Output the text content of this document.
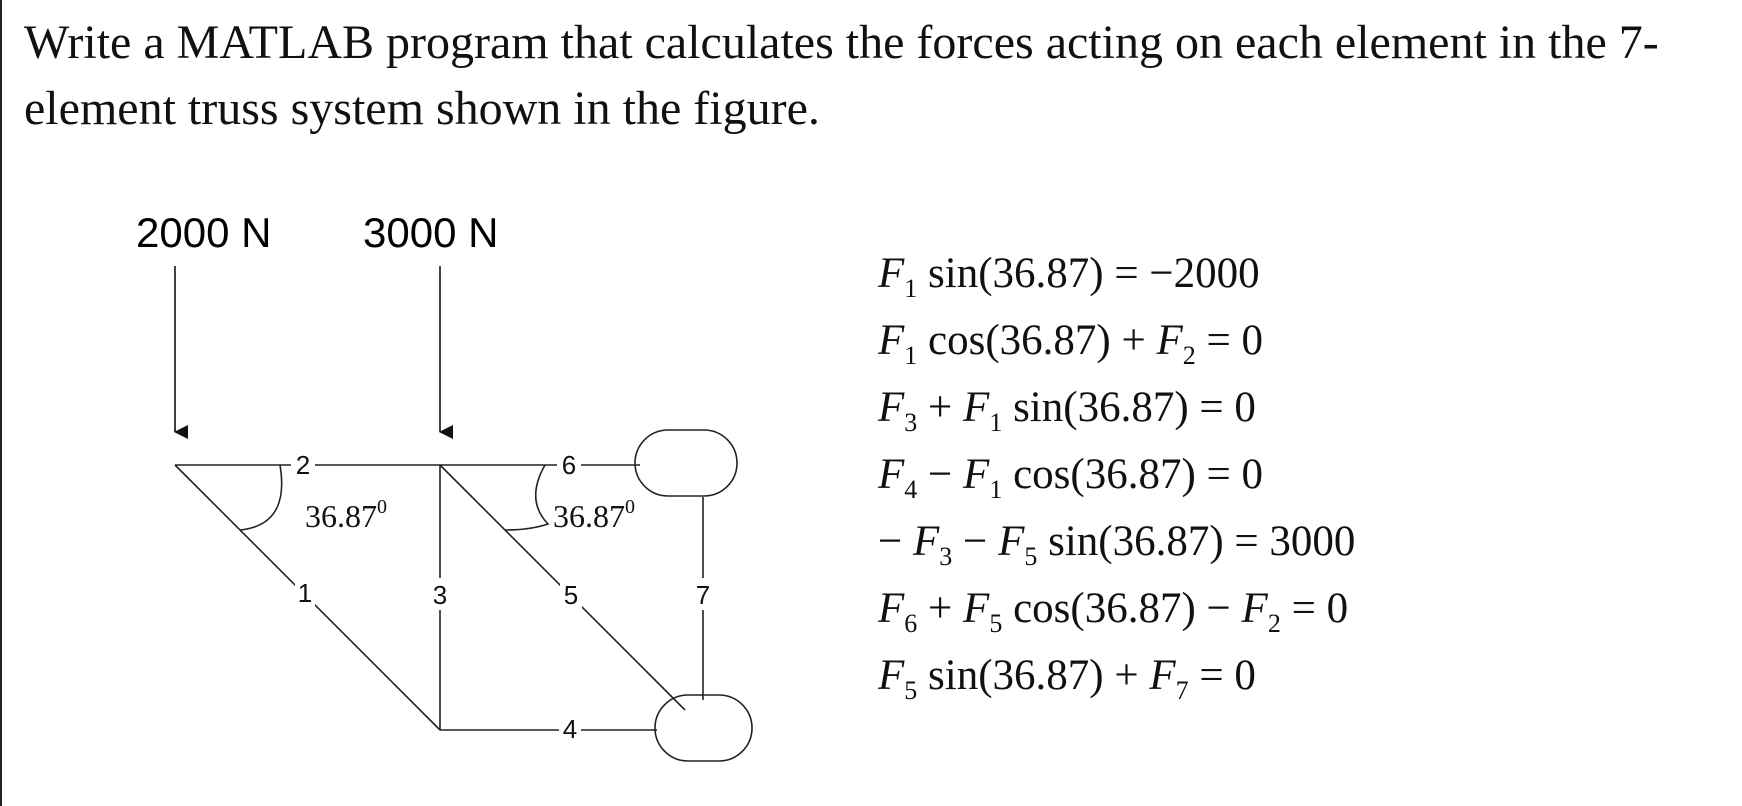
Write a MATLAB program that calculates the forces acting on each element in the 7-element truss system shown in the figure.

2000 N 3000 N
2	6
1	3	5	7
4
36.87$^0$	36.87$^0$
$F_1$ sin(36.87) = −2000
$F_1$ $\cos(36.87) + F_2 = 0$
$F_3 + F_1$ sin(36.87) = 0
$F_4 - F_1$ cos(36.87) = 0
− $F_3 - F_5$ sin(36.87) = 3000
$F_6 + F_5$ $\cos(36.87) - F_2 = 0$
$F_5$ $\sin(36.87) + F_7 = 0$
